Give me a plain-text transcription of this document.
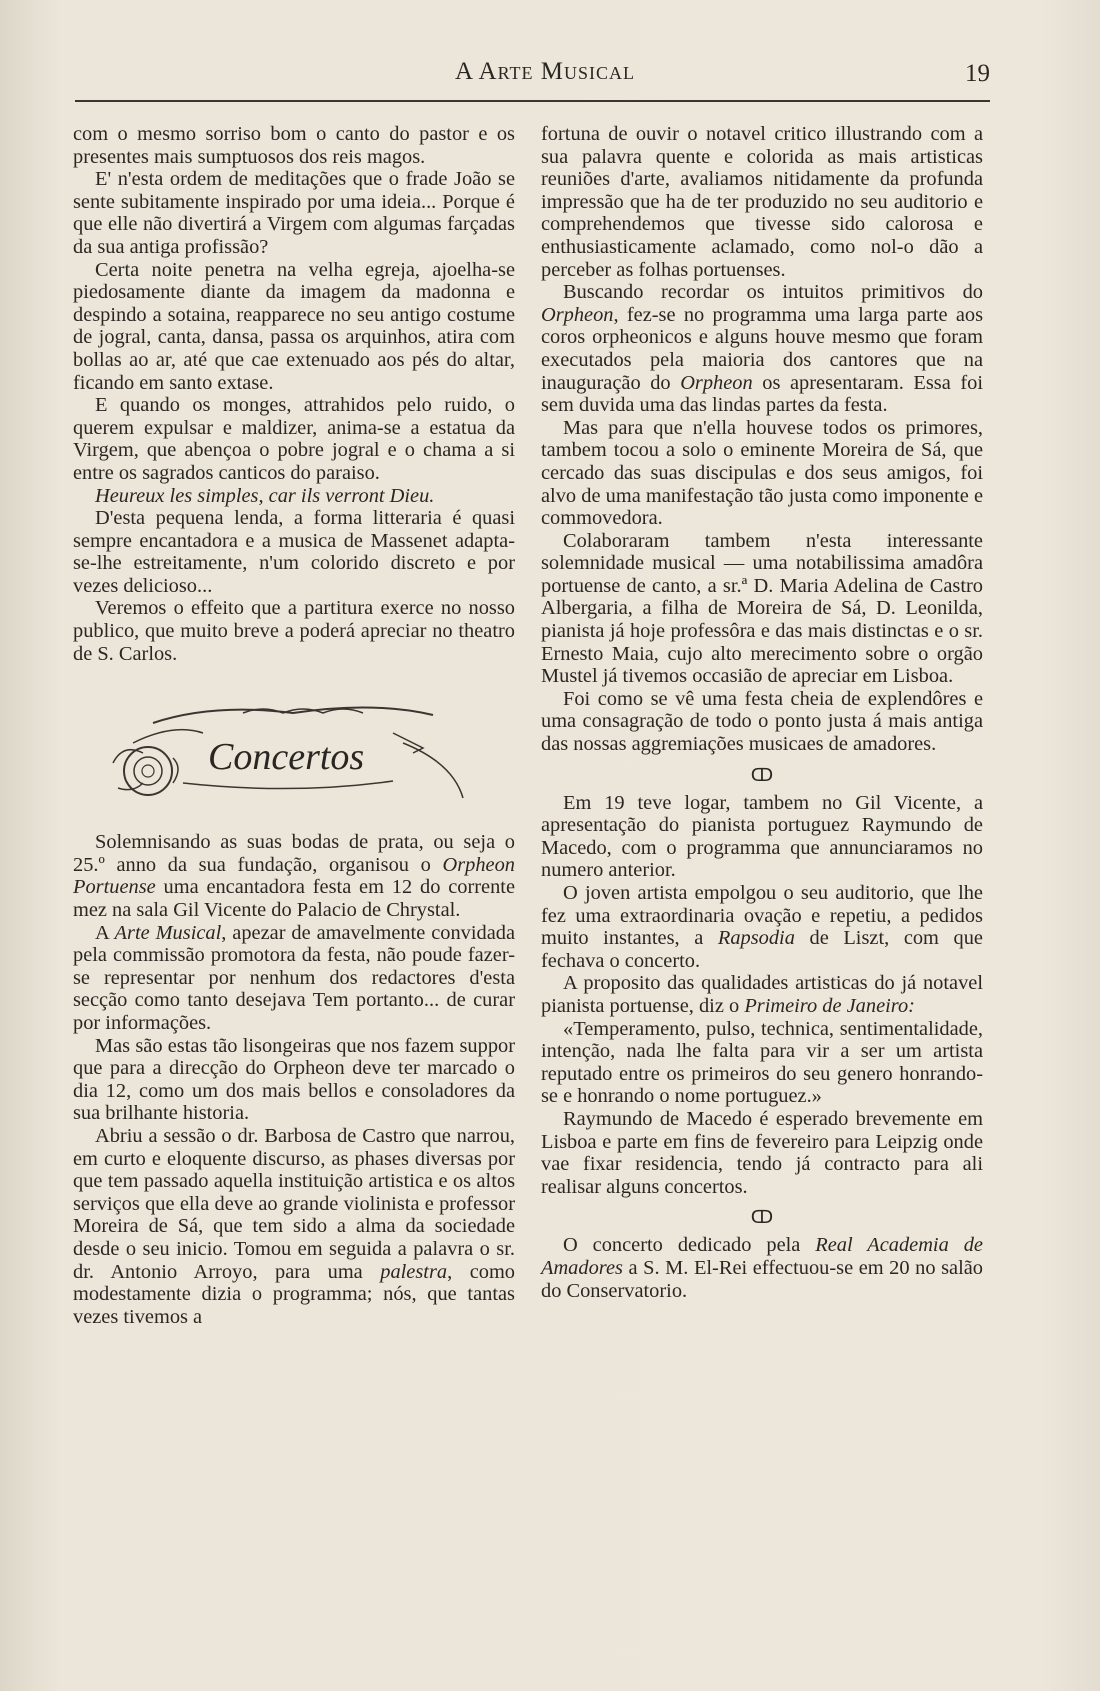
A Arte Musical	19

com o mesmo sorriso bom o canto do pastor e os presentes mais sumptuosos dos reis magos.

E' n'esta ordem de meditações que o frade João se sente subitamente inspirado por uma ideia... Porque é que elle não divertirá a Virgem com algumas farçadas da sua antiga profissão?

Certa noite penetra na velha egreja, ajoelha-se piedosamente diante da imagem da madonna e despindo a sotaina, reapparece no seu antigo costume de jogral, canta, dansa, passa os arquinhos, atira com bollas ao ar, até que cae extenuado aos pés do altar, ficando em santo extase.

E quando os monges, attrahidos pelo ruido, o querem expulsar e maldizer, anima-se a estatua da Virgem, que abençoa o pobre jogral e o chama a si entre os sagrados canticos do paraiso.

Heureux les simples, car ils verront Dieu.

D'esta pequena lenda, a forma litteraria é quasi sempre encantadora e a musica de Massenet adapta-se-lhe estreitamente, n'um colorido discreto e por vezes delicioso...

Veremos o effeito que a partitura exerce no nosso publico, que muito breve a poderá apreciar no theatro de S. Carlos.

Concertos

Solemnisando as suas bodas de prata, ou seja o 25.º anno da sua fundação, organisou o Orpheon Portuense uma encantadora festa em 12 do corrente mez na sala Gil Vicente do Palacio de Chrystal.

A Arte Musical, apezar de amavelmente convidada pela commissão promotora da festa, não poude fazer-se representar por nenhum dos redactores d'esta secção como tanto desejava Tem portanto... de curar por informações.

Mas são estas tão lisongeiras que nos fazem suppor que para a direcção do Orpheon deve ter marcado o dia 12, como um dos mais bellos e consoladores da sua brilhante historia.

Abriu a sessão o dr. Barbosa de Castro que narrou, em curto e eloquente discurso, as phases diversas por que tem passado aquella instituição artistica e os altos serviços que ella deve ao grande violinista e professor Moreira de Sá, que tem sido a alma da sociedade desde o seu inicio. Tomou em seguida a palavra o sr. dr. Antonio Arroyo, para uma palestra, como modestamente dizia o programma; nós, que tantas vezes tivemos a

fortuna de ouvir o notavel critico illustrando com a sua palavra quente e colorida as mais artisticas reuniões d'arte, avaliamos nitidamente da profunda impressão que ha de ter produzido no seu auditorio e comprehendemos que tivesse sido calorosa e enthusiasticamente aclamado, como nol-o dão a perceber as folhas portuenses.

Buscando recordar os intuitos primitivos do Orpheon, fez-se no programma uma larga parte aos coros orpheonicos e alguns houve mesmo que foram executados pela maioria dos cantores que na inauguração do Orpheon os apresentaram. Essa foi sem duvida uma das lindas partes da festa.

Mas para que n'ella houvese todos os primores, tambem tocou a solo o eminente Moreira de Sá, que cercado das suas discipulas e dos seus amigos, foi alvo de uma manifestação tão justa como imponente e commovedora.

Colaboraram tambem n'esta interessante solemnidade musical — uma notabilissima amadôra portuense de canto, a sr.ª D. Maria Adelina de Castro Albergaria, a filha de Moreira de Sá, D. Leonilda, pianista já hoje professôra e das mais distinctas e o sr. Ernesto Maia, cujo alto merecimento sobre o orgão Mustel já tivemos occasião de apreciar em Lisboa.

Foi como se vê uma festa cheia de explendôres e uma consagração de todo o ponto justa á mais antiga das nossas aggremiações musicaes de amadores.

ↀ

Em 19 teve logar, tambem no Gil Vicente, a apresentação do pianista portuguez Raymundo de Macedo, com o programma que annunciaramos no numero anterior.

O joven artista empolgou o seu auditorio, que lhe fez uma extraordinaria ovação e repetiu, a pedidos muito instantes, a Rapsodia de Liszt, com que fechava o concerto.

A proposito das qualidades artisticas do já notavel pianista portuense, diz o Primeiro de Janeiro:

«Temperamento, pulso, technica, sentimentalidade, intenção, nada lhe falta para vir a ser um artista reputado entre os primeiros do seu genero honrando-se e honrando o nome portuguez.»

Raymundo de Macedo é esperado brevemente em Lisboa e parte em fins de fevereiro para Leipzig onde vae fixar residencia, tendo já contracto para ali realisar alguns concertos.

ↀ

O concerto dedicado pela Real Academia de Amadores a S. M. El-Rei effectuou-se em 20 no salão do Conservatorio.
